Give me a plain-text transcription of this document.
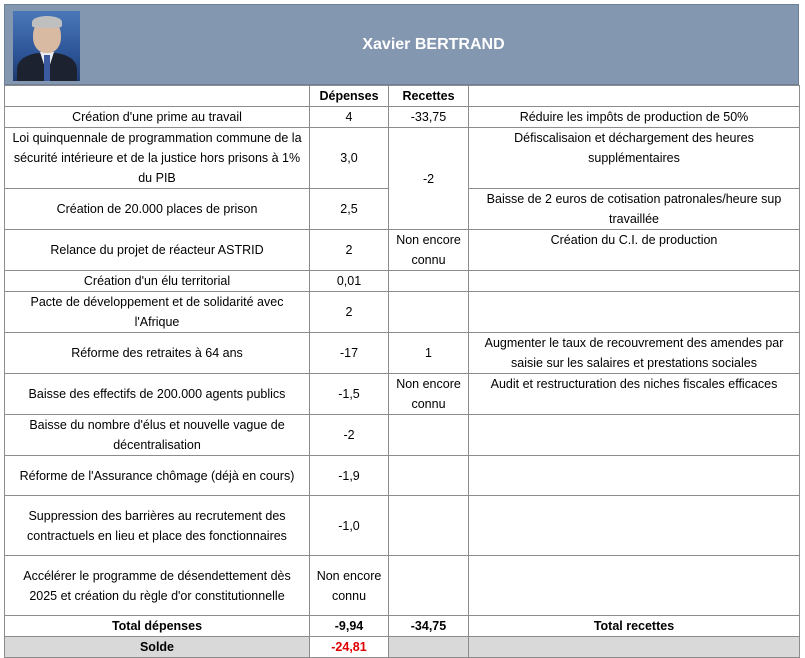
Xavier BERTRAND
	Dépenses	Recettes	
Création d'une prime au travail	4	-33,75	Réduire les impôts de production de 50%
Loi quinquennale de programmation commune de la sécurité intérieure et de la justice hors prisons à 1% du PIB	3,0	-2	Défiscalisaion et déchargement des heures supplémentaires
Création de 20.000 places de prison	2,5		Baisse de 2 euros de cotisation patronales/heure sup travaillée
Relance du projet de réacteur ASTRID	2	Non encore connu	Création du C.I. de production
Création d'un élu territorial	0,01		
Pacte de développement et de solidarité avec l'Afrique	2		
Réforme des retraites à 64 ans	-17	1	Augmenter le taux de recouvrement des amendes par saisie sur les salaires et prestations sociales
Baisse des effectifs de 200.000 agents publics	-1,5	Non encore connu	Audit et restructuration des niches fiscales efficaces
Baisse du nombre d'élus et nouvelle vague de décentralisation	-2		
Réforme de l'Assurance chômage (déjà en cours)	-1,9		
Suppression des barrières au recrutement des contractuels en lieu et place des fonctionnaires	-1,0		
Accélérer le programme de désendettement dès 2025 et création du règle d'or constitutionnelle	Non encore connu		
Total dépenses	-9,94	-34,75	Total recettes
Solde	-24,81		
